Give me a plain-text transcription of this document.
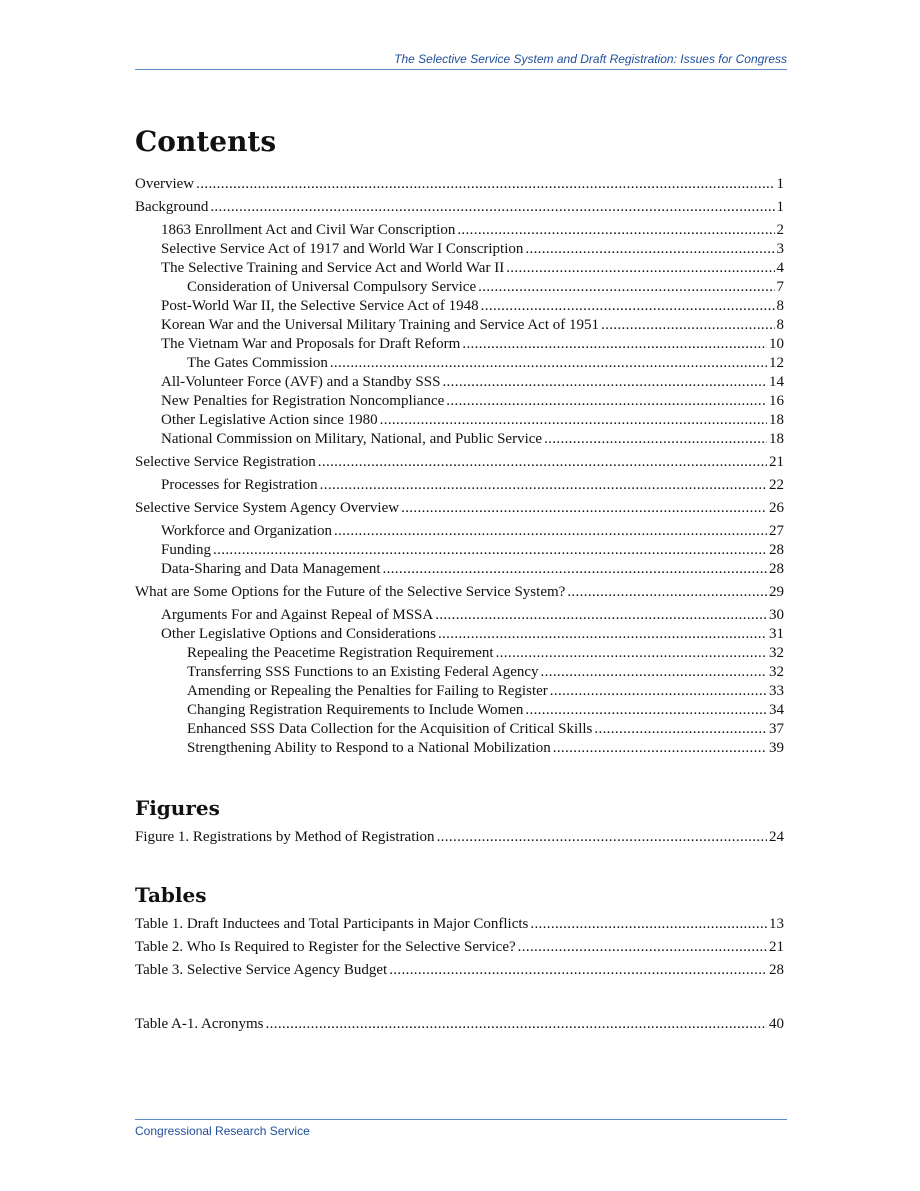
The Selective Service System and Draft Registration: Issues for Congress
Contents
Overview . . .	1
Background . . .	1
1863 Enrollment Act and Civil War Conscription . . .	2
Selective Service Act of 1917 and World War I Conscription . . .	3
The Selective Training and Service Act and World War II . . .	4
Consideration of Universal Compulsory Service . . .	7
Post-World War II, the Selective Service Act of 1948 . . .	8
Korean War and the Universal Military Training and Service Act of 1951 . . .	8
The Vietnam War and Proposals for Draft Reform . . .	10
The Gates Commission . . .	12
All-Volunteer Force (AVF) and a Standby SSS . . .	14
New Penalties for Registration Noncompliance . . .	16
Other Legislative Action since 1980 . . .	18
National Commission on Military, National, and Public Service . . .	18
Selective Service Registration . . .	21
Processes for Registration . . .	22
Selective Service System Agency Overview . . .	26
Workforce and Organization . . .	27
Funding . . .	28
Data-Sharing and Data Management . . .	28
What are Some Options for the Future of the Selective Service System? . . .	29
Arguments For and Against Repeal of MSSA . . .	30
Other Legislative Options and Considerations . . .	31
Repealing the Peacetime Registration Requirement . . .	32
Transferring SSS Functions to an Existing Federal Agency . . .	32
Amending or Repealing the Penalties for Failing to Register . . .	33
Changing Registration Requirements to Include Women . . .	34
Enhanced SSS Data Collection for the Acquisition of Critical Skills . . .	37
Strengthening Ability to Respond to a National Mobilization . . .	39
Figures
Figure 1. Registrations by Method of Registration . . .	24
Tables
Table 1. Draft Inductees and Total Participants in Major Conflicts . . .	13
Table 2. Who Is Required to Register for the Selective Service? . . .	21
Table 3. Selective Service Agency Budget . . .	28
Table A-1. Acronyms . . .	40
Congressional Research Service
